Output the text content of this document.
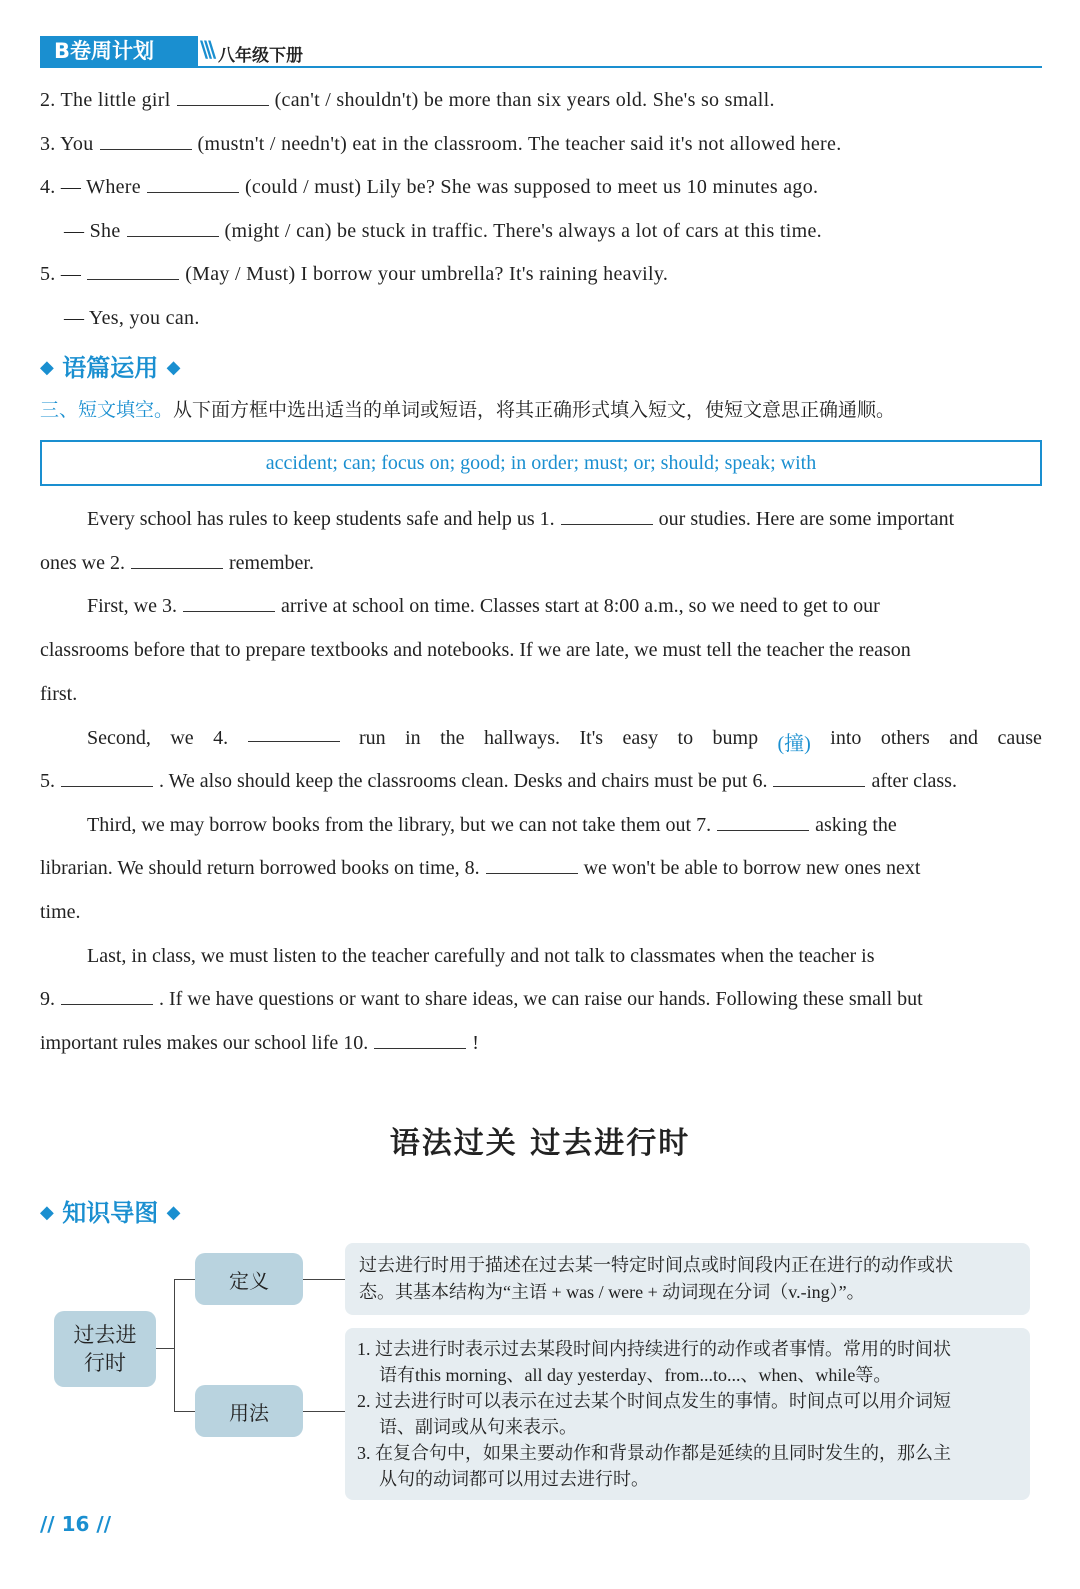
B卷周计划	\\\ 八年级下册
2. The little girl	(can't / shouldn't) be more than six years old. She's so small.
3. You	(mustn't / needn't) eat in the classroom. The teacher said it's not allowed here.
4. — Where	(could / must) Lily be? She was supposed to meet us 10 minutes ago.
— She	(might / can) be stuck in traffic. There's always a lot of cars at this time.
5. —	(May / Must) I borrow your umbrella? It's raining heavily.
— Yes, you can.
◆ 语篇运用 ◆
三、短文填空。从下面方框中选出适当的单词或短语，将其正确形式填入短文，使短文意思正确通顺。
accident; can; focus on; good; in order; must; or; should; speak; with
Every school has rules to keep students safe and help us 1.	our studies. Here are some important
ones we 2.	remember.
First, we 3.	arrive at school on time. Classes start at 8:00 a.m., so we need to get to our
classrooms before that to prepare textbooks and notebooks. If we are late, we must tell the teacher the reason
first.
Second, we 4.	run in the hallways. It's easy to bump (撞) into others and cause
5.	. We also should keep the classrooms clean. Desks and chairs must be put 6.	after class.
Third, we may borrow books from the library, but we can not take them out 7.	asking the
librarian. We should return borrowed books on time, 8.	we won't be able to borrow new ones next
time.
Last, in class, we must listen to the teacher carefully and not talk to classmates when the teacher is
9.	. If we have questions or want to share ideas, we can raise our hands. Following these small but
important rules makes our school life 10.	!
语法过关 过去进行时
◆ 知识导图 ◆
过去进
行时
定义
用法

过去进行时用于描述在过去某一特定时间点或时间段内正在进行的动作或状

态。其基本结构为“主语 + was / were + 动词现在分词（v.-ing）”。

1. 过去进行时表示过去某段时间内持续进行的动作或者事情。常用的时间状

语有this morning、all day yesterday、from...to...、when、while等。

2. 过去进行时可以表示在过去某个时间点发生的事情。时间点可以用介词短

语、副词或从句来表示。

3. 在复合句中，如果主要动作和背景动作都是延续的且同时发生的，那么主

从句的动词都可以用过去进行时。

// 16 //
